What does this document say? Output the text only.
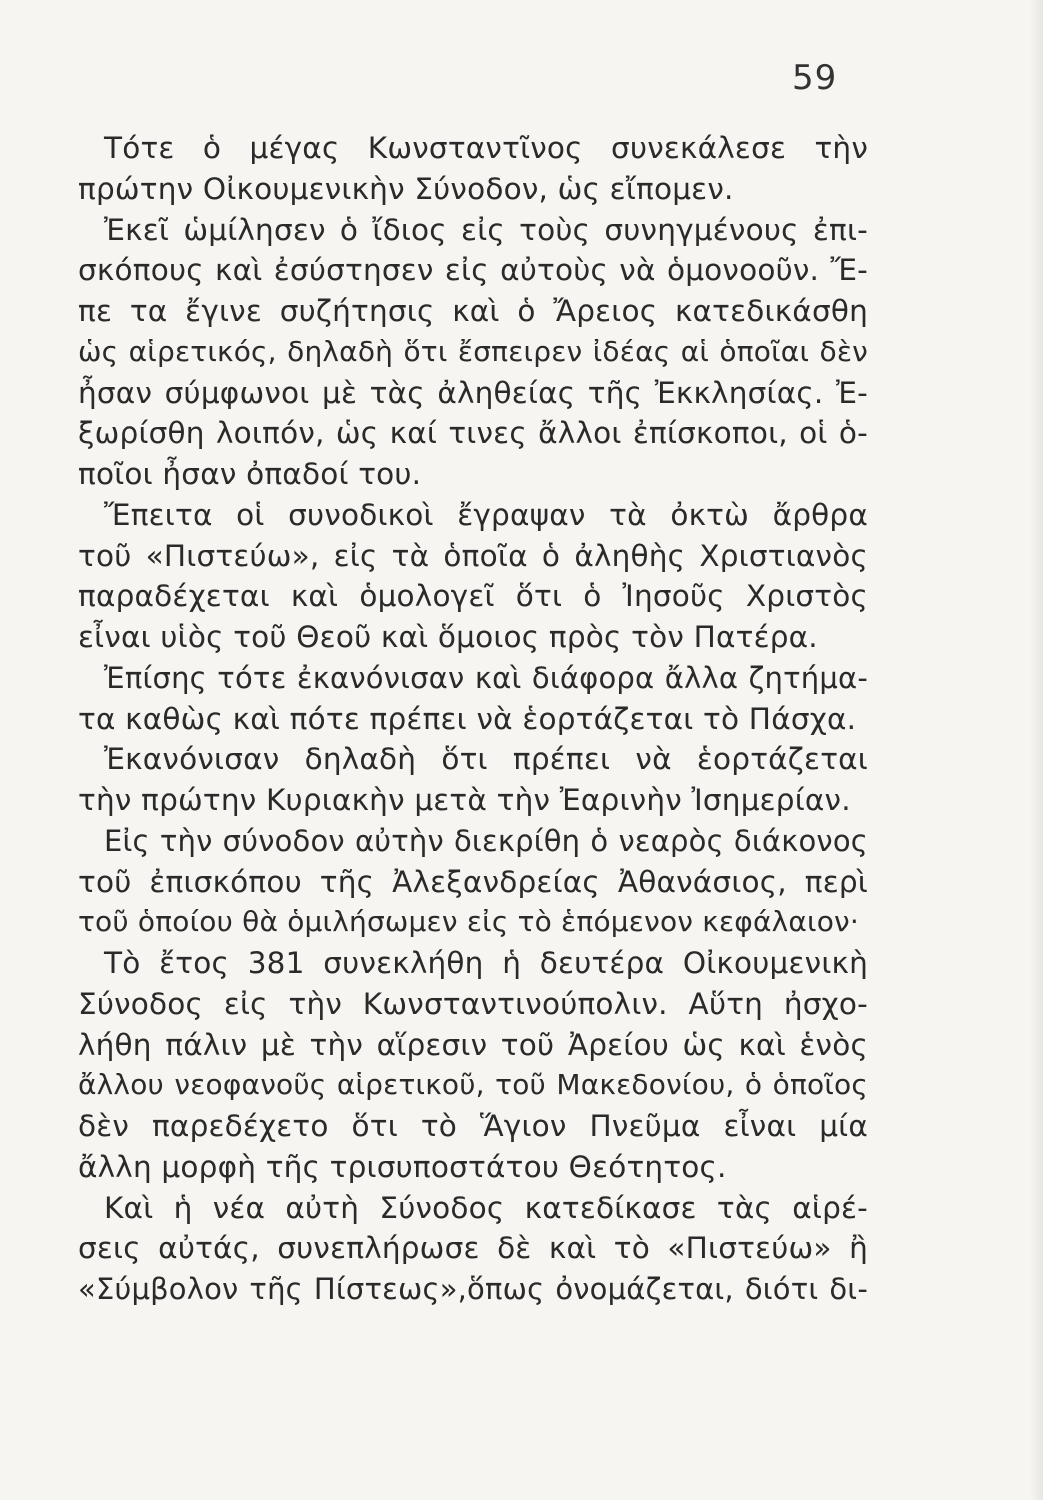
59
Τότε ὁ μέγας Κωνσταντῖνος συνεκάλεσε τὴν
πρώτην Οἰκουμενικὴν Σύνοδον, ὡς εἴπομεν.
Ἐκεῖ ὡμίλησεν ὁ ἴδιος εἰς τοὺς συνηγμένους ἐπι-
σκόπους καὶ ἐσύστησεν εἰς αὐτοὺς νὰ ὁμονοοῦν. Ἔ-
πε τα ἔγινε συζήτησις καὶ ὁ Ἄρειος κατεδικάσθη
ὡς αἱρετικός, δηλαδὴ ὅτι ἔσπειρεν ἰδέας αἱ ὁποῖαι δὲν
ἦσαν σύμφωνοι μὲ τὰς ἀληθείας τῆς Ἐκκλησίας. Ἐ-
ξωρίσθη λοιπόν, ὡς καί τινες ἄλλοι ἐπίσκοποι, οἱ ὁ-
ποῖοι ἦσαν ὀπαδοί του.
Ἔπειτα οἱ συνοδικοὶ ἔγραψαν τὰ ὀκτὼ ἄρθρα
τοῦ «Πιστεύω», εἰς τὰ ὁποῖα ὁ ἀληθὴς Χριστιανὸς
παραδέχεται καὶ ὁμολογεῖ ὅτι ὁ Ἰησοῦς Χριστὸς
εἶναι υἱὸς τοῦ Θεοῦ καὶ ὅμοιος πρὸς τὸν Πατέρα.
Ἐπίσης τότε ἐκανόνισαν καὶ διάφορα ἄλλα ζητήμα-
τα καθὼς καὶ πότε πρέπει νὰ ἑορτάζεται τὸ Πάσχα.
Ἐκανόνισαν δηλαδὴ ὅτι πρέπει νὰ ἑορτάζεται
τὴν πρώτην Κυριακὴν μετὰ τὴν Ἐαρινὴν Ἰσημερίαν.
Εἰς τὴν σύνοδον αὐτὴν διεκρίθη ὁ νεαρὸς διάκονος
τοῦ ἐπισκόπου τῆς Ἀλεξανδρείας Ἀθανάσιος, περὶ
τοῦ ὁποίου θὰ ὁμιλήσωμεν εἰς τὸ ἑπόμενον κεφάλαιον·
Τὸ ἔτος 381 συνεκλήθη ἡ δευτέρα Οἰκουμενικὴ
Σύνοδος εἰς τὴν Κωνσταντινούπολιν. Αὕτη ἠσχο-
λήθη πάλιν μὲ τὴν αἵρεσιν τοῦ Ἀρείου ὡς καὶ ἑνὸς
ἄλλου νεοφανοῦς αἱρετικοῦ, τοῦ Μακεδονίου, ὁ ὁποῖος
δὲν παρεδέχετο ὅτι τὸ Ἅγιον Πνεῦμα εἶναι μία
ἄλλη μορφὴ τῆς τρισυποστάτου Θεότητος.
Καὶ ἡ νέα αὐτὴ Σύνοδος κατεδίκασε τὰς αἱρέ-
σεις αὐτάς, συνεπλήρωσε δὲ καὶ τὸ «Πιστεύω» ἢ
«Σύμβολον τῆς Πίστεως»,ὅπως ὀνομάζεται, διότι δι-
